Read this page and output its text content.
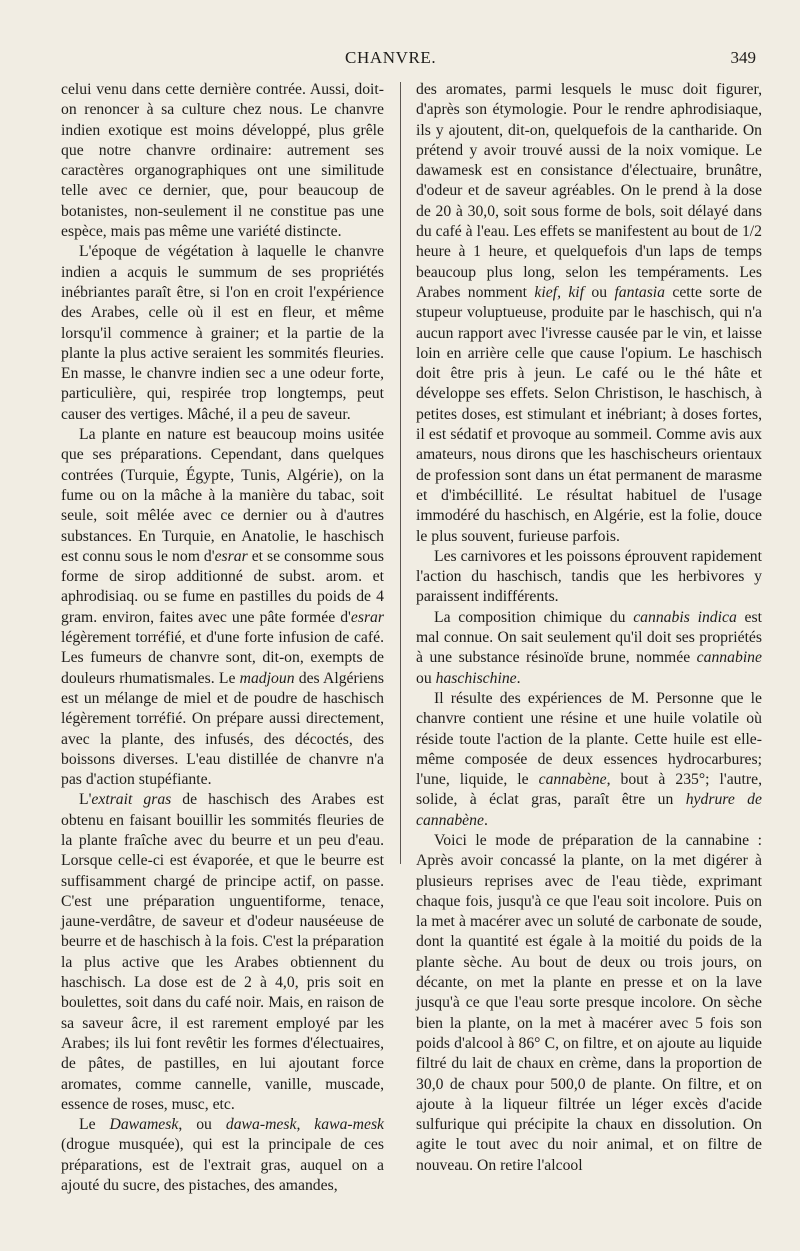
CHANVRE.	349

celui venu dans cette dernière contrée. Aussi, doit-on renoncer à sa culture chez nous. Le chanvre indien exotique est moins développé, plus grêle que notre chanvre ordinaire: autrement ses caractères organographiques ont une similitude telle avec ce dernier, que, pour beaucoup de botanistes, non-seulement il ne constitue pas une espèce, mais pas même une variété distincte.

L'époque de végétation à laquelle le chanvre indien a acquis le summum de ses propriétés inébriantes paraît être, si l'on en croit l'expérience des Arabes, celle où il est en fleur, et même lorsqu'il commence à grainer; et la partie de la plante la plus active seraient les sommités fleuries. En masse, le chanvre indien sec a une odeur forte, particulière, qui, respirée trop longtemps, peut causer des vertiges. Mâché, il a peu de saveur.

La plante en nature est beaucoup moins usitée que ses préparations. Cependant, dans quelques contrées (Turquie, Égypte, Tunis, Algérie), on la fume ou on la mâche à la manière du tabac, soit seule, soit mêlée avec ce dernier ou à d'autres substances. En Turquie, en Anatolie, le haschisch est connu sous le nom d'esrar et se consomme sous forme de sirop additionné de subst. arom. et aphrodisiaq. ou se fume en pastilles du poids de 4 gram. environ, faites avec une pâte formée d'esrar légèrement torréfié, et d'une forte infusion de café. Les fumeurs de chanvre sont, dit-on, exempts de douleurs rhumatismales. Le madjoun des Algériens est un mélange de miel et de poudre de haschisch légèrement torréfié. On prépare aussi directement, avec la plante, des infusés, des décoctés, des boissons diverses. L'eau distillée de chanvre n'a pas d'action stupéfiante.

L'extrait gras de haschisch des Arabes est obtenu en faisant bouillir les sommités fleuries de la plante fraîche avec du beurre et un peu d'eau. Lorsque celle-ci est évaporée, et que le beurre est suffisamment chargé de principe actif, on passe. C'est une préparation unguentiforme, tenace, jaune-verdâtre, de saveur et d'odeur nauséeuse de beurre et de haschisch à la fois. C'est la préparation la plus active que les Arabes obtiennent du haschisch. La dose est de 2 à 4,0, pris soit en boulettes, soit dans du café noir. Mais, en raison de sa saveur âcre, il est rarement employé par les Arabes; ils lui font revêtir les formes d'électuaires, de pâtes, de pastilles, en lui ajoutant force aromates, comme cannelle, vanille, muscade, essence de roses, musc, etc.

Le Dawamesk, ou dawa-mesk, kawa-mesk (drogue musquée), qui est la principale de ces préparations, est de l'extrait gras, auquel on a ajouté du sucre, des pistaches, des amandes,

des aromates, parmi lesquels le musc doit figurer, d'après son étymologie. Pour le rendre aphrodisiaque, ils y ajoutent, dit-on, quelquefois de la cantharide. On prétend y avoir trouvé aussi de la noix vomique. Le dawamesk est en consistance d'électuaire, brunâtre, d'odeur et de saveur agréables. On le prend à la dose de 20 à 30,0, soit sous forme de bols, soit délayé dans du café à l'eau. Les effets se manifestent au bout de 1/2 heure à 1 heure, et quelquefois d'un laps de temps beaucoup plus long, selon les tempéraments. Les Arabes nomment kief, kif ou fantasia cette sorte de stupeur voluptueuse, produite par le haschisch, qui n'a aucun rapport avec l'ivresse causée par le vin, et laisse loin en arrière celle que cause l'opium. Le haschisch doit être pris à jeun. Le café ou le thé hâte et développe ses effets. Selon Christison, le haschisch, à petites doses, est stimulant et inébriant; à doses fortes, il est sédatif et provoque au sommeil. Comme avis aux amateurs, nous dirons que les haschischeurs orientaux de profession sont dans un état permanent de marasme et d'imbécillité. Le résultat habituel de l'usage immodéré du haschisch, en Algérie, est la folie, douce le plus souvent, furieuse parfois.

Les carnivores et les poissons éprouvent rapidement l'action du haschisch, tandis que les herbivores y paraissent indifférents.

La composition chimique du cannabis indica est mal connue. On sait seulement qu'il doit ses propriétés à une substance résinoïde brune, nommée cannabine ou haschischine.

Il résulte des expériences de M. Personne que le chanvre contient une résine et une huile volatile où réside toute l'action de la plante. Cette huile est elle-même composée de deux essences hydrocarbures; l'une, liquide, le cannabène, bout à 235°; l'autre, solide, à éclat gras, paraît être un hydrure de cannabène.

Voici le mode de préparation de la cannabine : Après avoir concassé la plante, on la met digérer à plusieurs reprises avec de l'eau tiède, exprimant chaque fois, jusqu'à ce que l'eau soit incolore. Puis on la met à macérer avec un soluté de carbonate de soude, dont la quantité est égale à la moitié du poids de la plante sèche. Au bout de deux ou trois jours, on décante, on met la plante en presse et on la lave jusqu'à ce que l'eau sorte presque incolore. On sèche bien la plante, on la met à macérer avec 5 fois son poids d'alcool à 86° C, on filtre, et on ajoute au liquide filtré du lait de chaux en crème, dans la proportion de 30,0 de chaux pour 500,0 de plante. On filtre, et on ajoute à la liqueur filtrée un léger excès d'acide sulfurique qui précipite la chaux en dissolution. On agite le tout avec du noir animal, et on filtre de nouveau. On retire l'alcool
